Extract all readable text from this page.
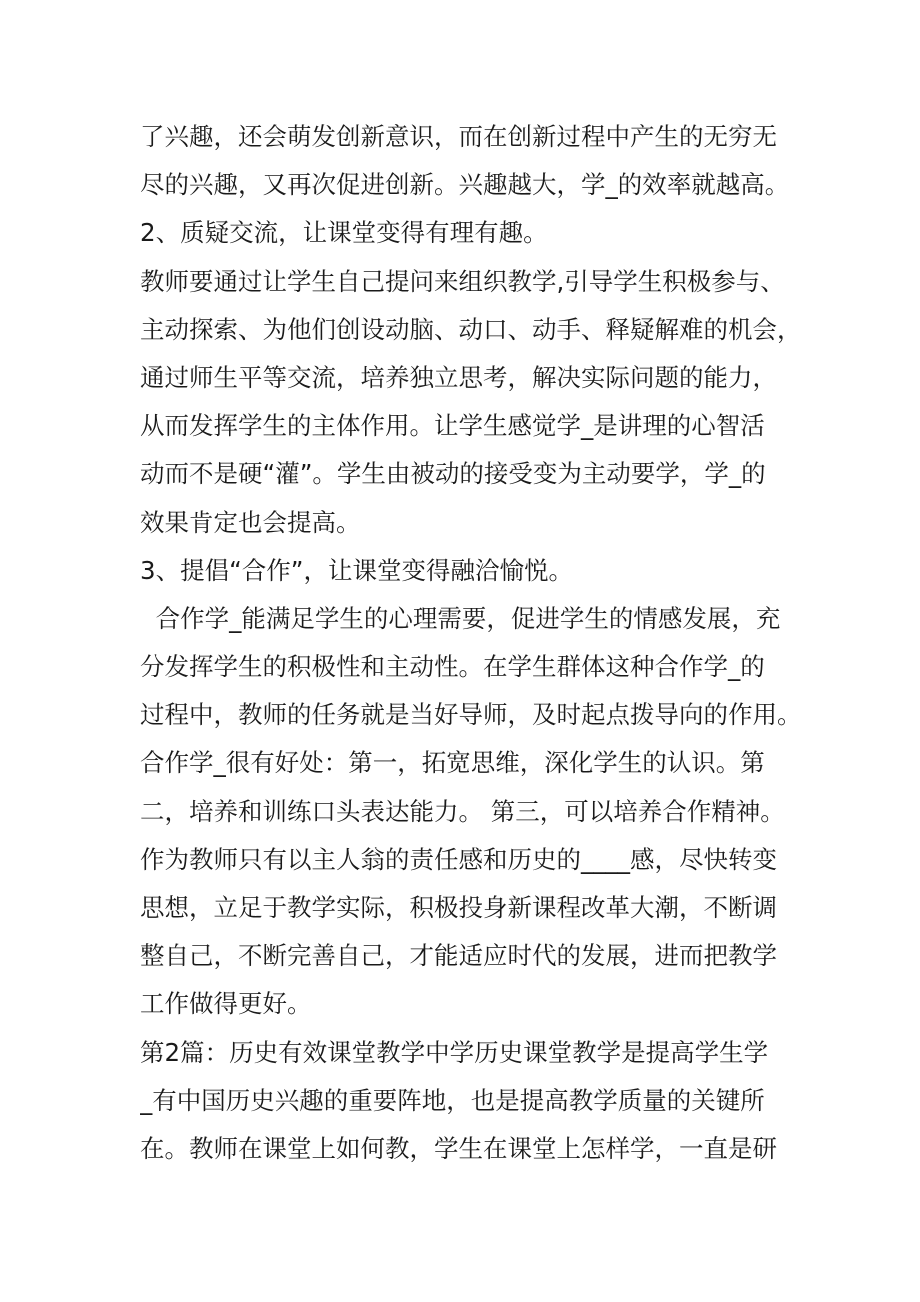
了兴趣，还会萌发创新意识，而在创新过程中产生的无穷无
尽的兴趣，又再次促进创新。兴趣越大，学_的效率就越高。
2、质疑交流，让课堂变得有理有趣。
教师要通过让学生自己提问来组织教学,引导学生积极参与、
主动探索、为他们创设动脑、动口、动手、释疑解难的机会，
通过师生平等交流，培养独立思考，解决实际问题的能力，
从而发挥学生的主体作用。让学生感觉学_是讲理的心智活
动而不是硬“灌”。学生由被动的接受变为主动要学，学_的
效果肯定也会提高。
3、提倡“合作”，让课堂变得融洽愉悦。
合作学_能满足学生的心理需要，促进学生的情感发展，充
分发挥学生的积极性和主动性。在学生群体这种合作学_的
过程中，教师的任务就是当好导师，及时起点拨导向的作用。
合作学_很有好处：第一，拓宽思维，深化学生的认识。第
二，培养和训练口头表达能力。 第三，可以培养合作精神。
作为教师只有以主人翁的责任感和历史的____感，尽快转变
思想，立足于教学实际，积极投身新课程改革大潮，不断调
整自己，不断完善自己，才能适应时代的发展，进而把教学
工作做得更好。
第2篇：历史有效课堂教学中学历史课堂教学是提高学生学
_有中国历史兴趣的重要阵地，也是提高教学质量的关键所
在。教师在课堂上如何教，学生在课堂上怎样学，一直是研
